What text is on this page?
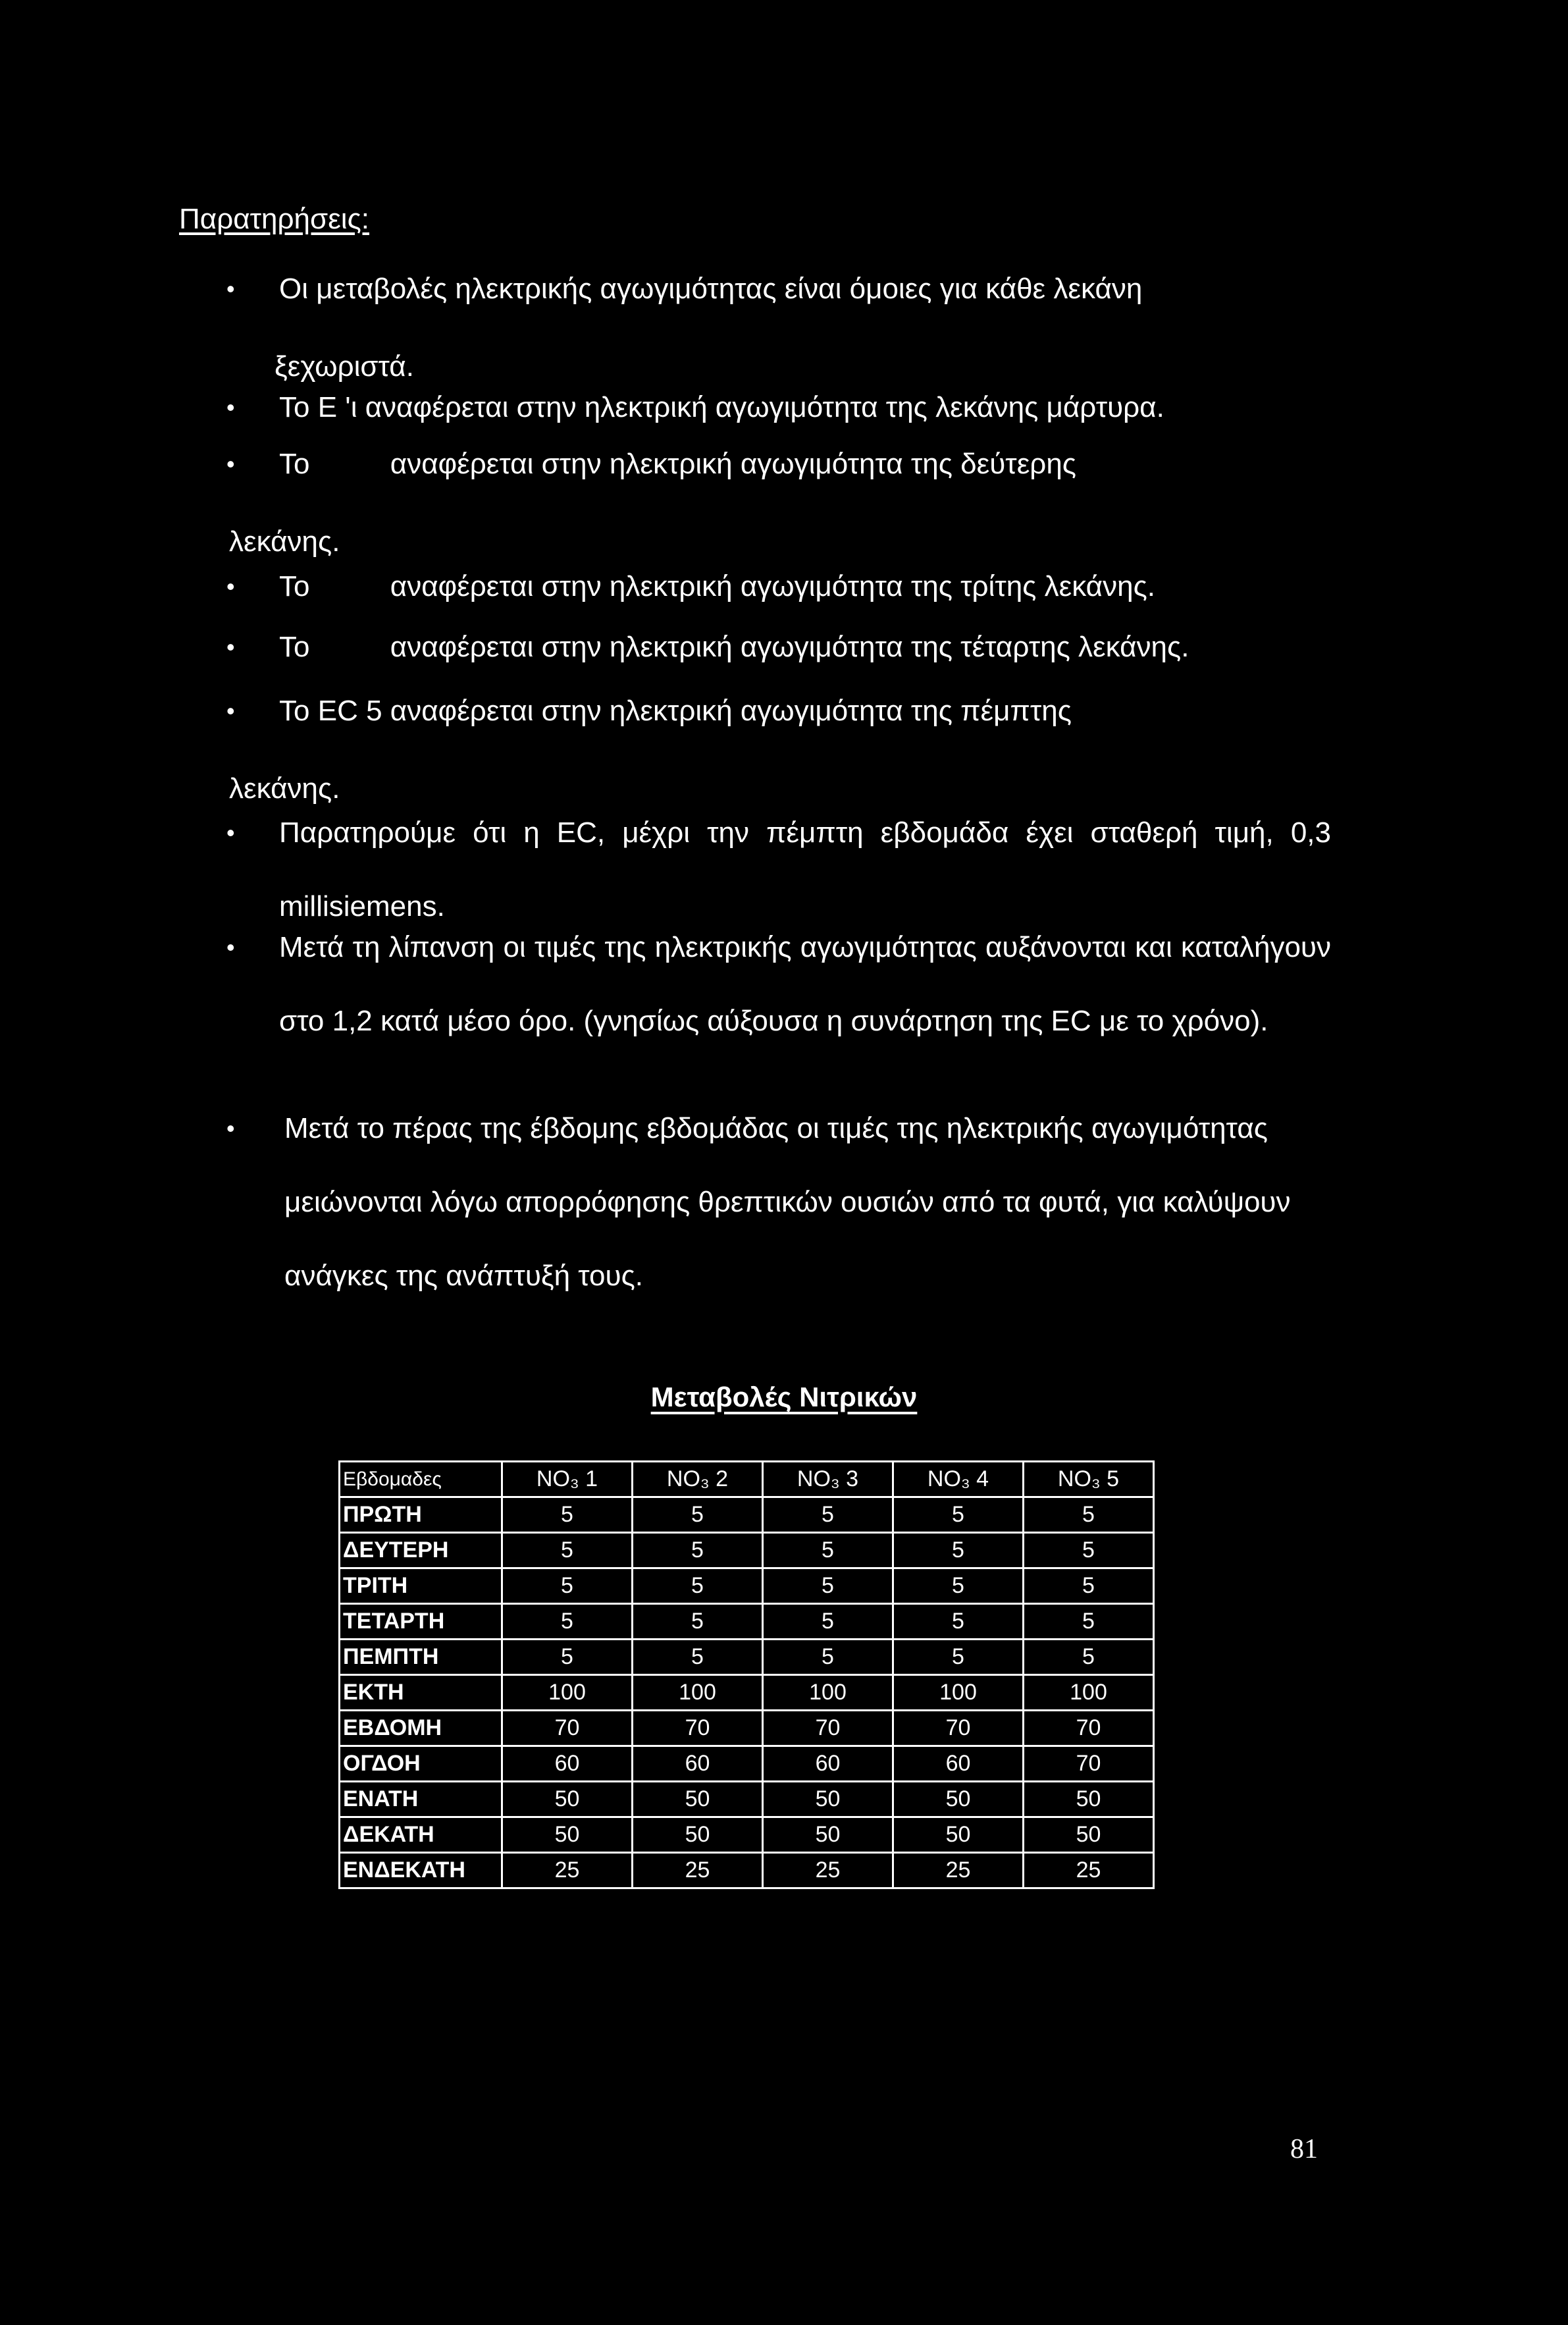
Παρατηρήσεις:
• Οι μεταβολές ηλεκτρικής αγωγιμότητας είναι όμοιες για κάθε λεκάνη
ξεχωριστά.
• Το E 'ι αναφέρεται στην ηλεκτρική αγωγιμότητα της λεκάνης μάρτυρα.
• Το          αναφέρεται στην ηλεκτρική αγωγιμότητα της δεύτερης
λεκάνης.
• Το          αναφέρεται στην ηλεκτρική αγωγιμότητα της τρίτης λεκάνης.
• Το          αναφέρεται στην ηλεκτρική αγωγιμότητα της τέταρτης λεκάνης.
• Το EC 5 αναφέρεται στην ηλεκτρική αγωγιμότητα της πέμπτης
λεκάνης.
• Παρατηρούμε ότι η EC, μέχρι την πέμπτη εβδομάδα έχει σταθερή τιμή, 0,3 millisiemens.
• Μετά τη λίπανση οι τιμές της ηλεκτρικής αγωγιμότητας αυξάνονται και καταλήγουν στο 1,2 κατά μέσο όρο. (γνησίως αύξουσα η συνάρτηση της EC με το χρόνο).
• Μετά το πέρας της έβδομης εβδομάδας οι τιμές της ηλεκτρικής αγωγιμότητας μειώνονται λόγω απορρόφησης θρεπτικών ουσιών από τα φυτά, για καλύψουν ανάγκες της ανάπτυξή τους.
Μεταβολές Νιτρικών
Εβδομαδες	NO₃ 1	NO₃ 2	NO₃ 3	NO₃ 4	NO₃ 5
ΠΡΩΤΗ	5	5	5	5	5
ΔΕΥΤΕΡΗ	5	5	5	5	5
ΤΡΙΤΗ	5	5	5	5	5
ΤΕΤΑΡΤΗ	5	5	5	5	5
ΠΕΜΠΤΗ	5	5	5	5	5
ΕΚΤΗ	100	100	100	100	100
ΕΒΔΟΜΗ	70	70	70	70	70
ΟΓΔΟΗ	60	60	60	60	70
ΕΝΑΤΗ	50	50	50	50	50
ΔΕΚΑΤΗ	50	50	50	50	50
ΕΝΔΕΚΑΤΗ	25	25	25	25	25
81
